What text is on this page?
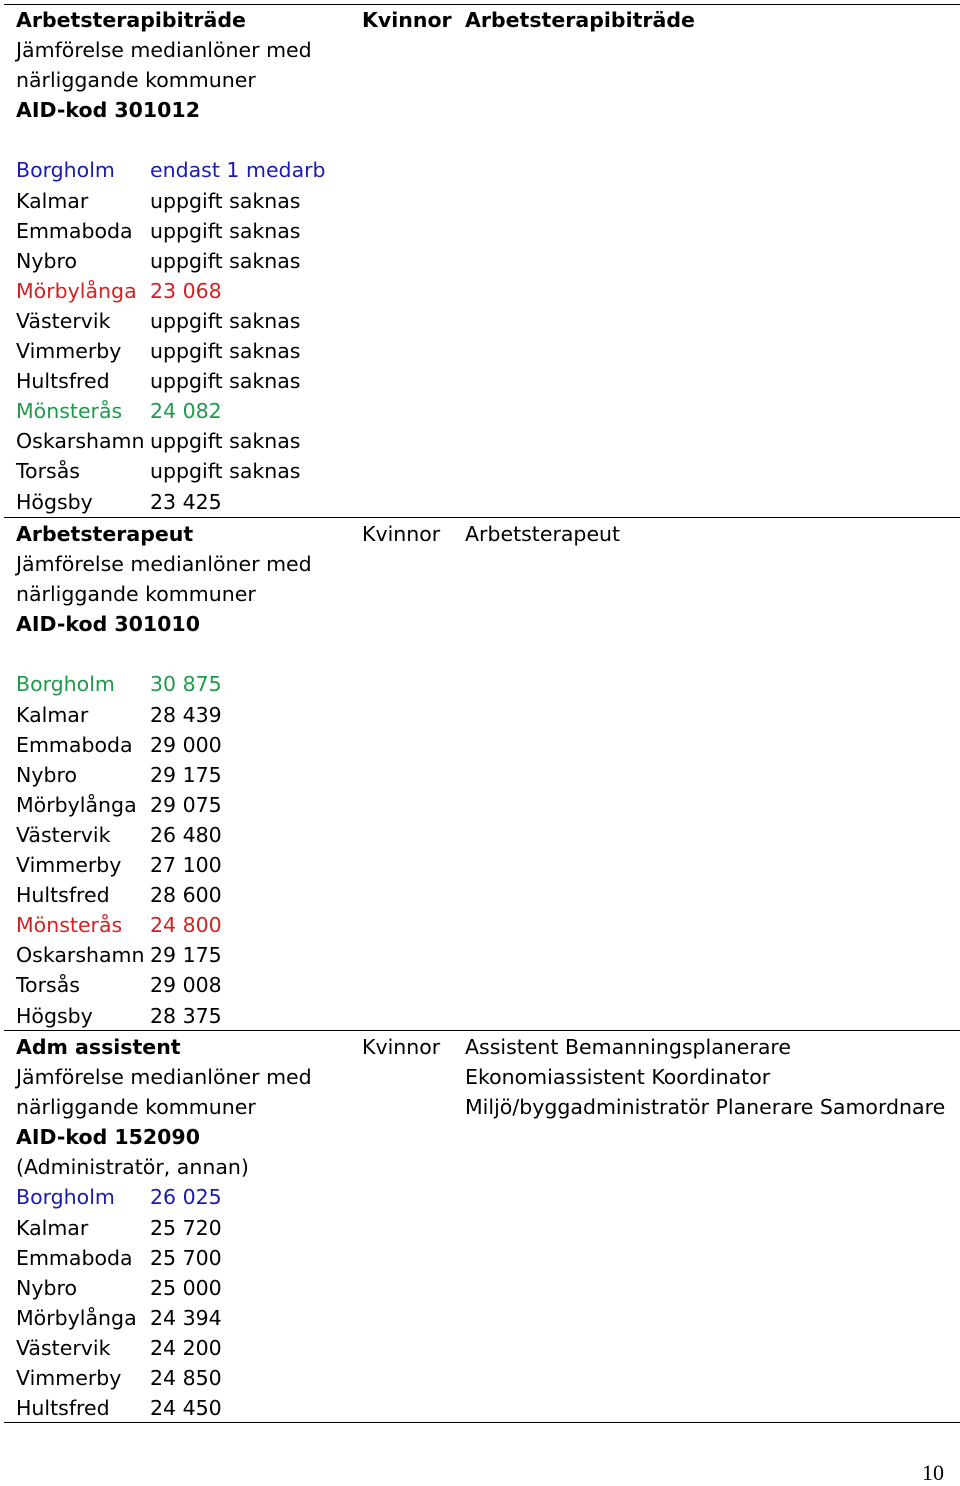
Arbetsterapibiträde
Jämförelse medianlöner med
närliggande kommuner
AID-kod 301012
Borgholm	endast 1 medarb
Kalmar	uppgift saknas
Emmaboda uppgift saknas
Nybro	uppgift saknas
Mörbylånga 23 068
Västervik	uppgift saknas
Vimmerby	uppgift saknas
Hultsfred	uppgift saknas
Mönsterås	24 082
Oskarshamn uppgift saknas
Torsås	uppgift saknas
Högsby	23 425
Kvinnor Arbetsterapibiträde
Arbetsterapeut
Jämförelse medianlöner med
närliggande kommuner
AID-kod 301010
Borgholm	30 875
Kalmar	28 439
Emmaboda 29 000
Nybro	29 175
Mörbylånga 29 075
Västervik	26 480
Vimmerby	27 100
Hultsfred	28 600
Mönsterås	24 800
Oskarshamn 29 175
Torsås	29 008
Högsby	28 375
Kvinnor Arbetsterapeut
Adm assistent
Jämförelse medianlöner med
närliggande kommuner
AID-kod 152090 (Administratör, annan)
Borgholm	26 025
Kalmar	25 720
Emmaboda 25 700
Nybro	25 000
Mörbylånga 24 394
Västervik	24 200
Vimmerby	24 850
Hultsfred	24 450
Kvinnor Assistent Bemanningsplanerare
Ekonomiassistent Koordinator
Miljö/byggadministratör Planerare Samordnare
10
